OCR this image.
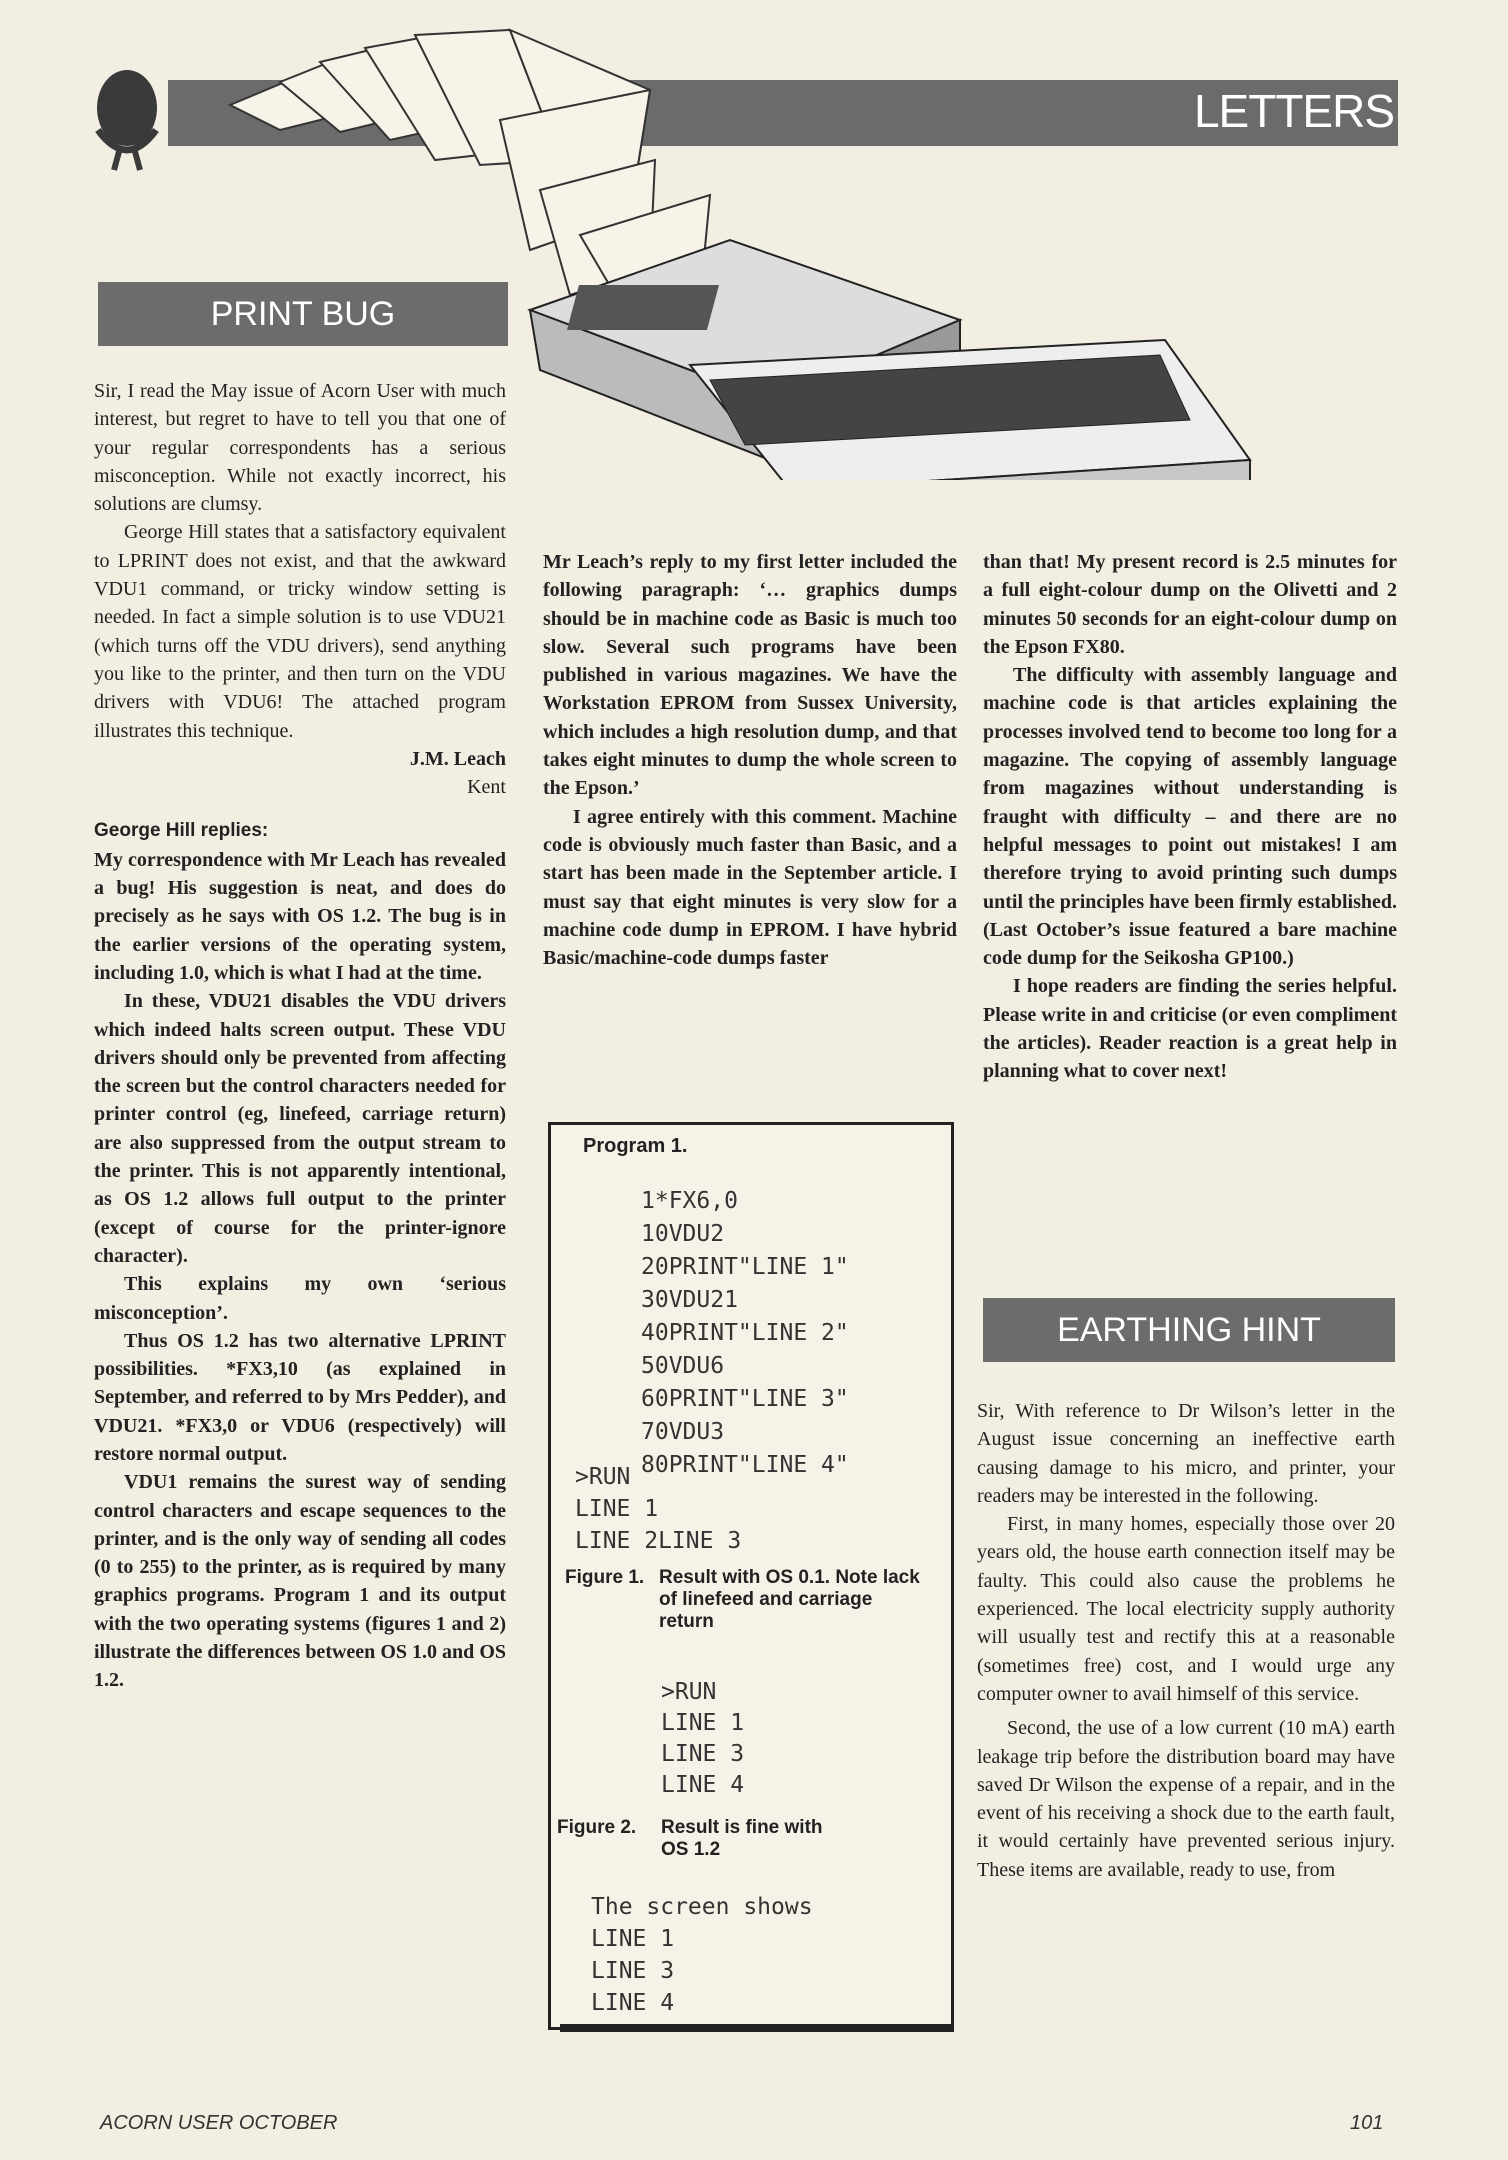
LETTERS
PRINT BUG

Sir, I read the May issue of Acorn User with much interest, but regret to have to tell you that one of your regular correspondents has a serious misconception. While not exactly incorrect, his solutions are clumsy.

George Hill states that a satisfactory equivalent to LPRINT does not exist, and that the awkward VDU1 command, or tricky window setting is needed. In fact a simple solution is to use VDU21 (which turns off the VDU drivers), send anything you like to the printer, and then turn on the VDU drivers with VDU6! The attached program illustrates this technique.

J.M. Leach

Kent

George Hill replies:

My correspondence with Mr Leach has revealed a bug! His suggestion is neat, and does do precisely as he says with OS 1.2. The bug is in the earlier versions of the operating system, including 1.0, which is what I had at the time.

In these, VDU21 disables the VDU drivers which indeed halts screen output. These VDU drivers should only be prevented from affecting the screen but the control characters needed for printer control (eg, linefeed, carriage return) are also suppressed from the output stream to the printer. This is not apparently intentional, as OS 1.2 allows full output to the printer (except of course for the printer-ignore character).

This explains my own ‘serious misconception’.

Thus OS 1.2 has two alternative LPRINT possibilities. *FX3,10 (as explained in September, and referred to by Mrs Pedder), and VDU21. *FX3,0 or VDU6 (respectively) will restore normal output.

VDU1 remains the surest way of sending control characters and escape sequences to the printer, and is the only way of sending all codes (0 to 255) to the printer, as is required by many graphics programs. Program 1 and its output with the two operating systems (figures 1 and 2) illustrate the differences between OS 1.0 and OS 1.2.

Mr Leach’s reply to my first letter included the following paragraph: ‘… graphics dumps should be in machine code as Basic is much too slow. Several such programs have been published in various magazines. We have the Workstation EPROM from Sussex University, which includes a high resolution dump, and that takes eight minutes to dump the whole screen to the Epson.’

I agree entirely with this comment. Machine code is obviously much faster than Basic, and a start has been made in the September article. I must say that eight minutes is very slow for a machine code dump in EPROM. I have hybrid Basic/machine-code dumps faster

Program 1.
1*FX6,0
10VDU2
20PRINT"LINE 1"
30VDU21
40PRINT"LINE 2"
50VDU6
60PRINT"LINE 3"
70VDU3
80PRINT"LINE 4"
>RUN
LINE 1
LINE 2LINE 3
Figure 1. Result with OS 0.1. Note lack of linefeed and carriage return
>RUN
LINE 1
LINE 3
LINE 4
Figure 2. Result is fine with OS 1.2
The screen shows
LINE 1
LINE 3
LINE 4

than that! My present record is 2.5 minutes for a full eight-colour dump on the Olivetti and 2 minutes 50 seconds for an eight-colour dump on the Epson FX80.

The difficulty with assembly language and machine code is that articles explaining the processes involved tend to become too long for a magazine. The copying of assembly language from magazines without understanding is fraught with difficulty – and there are no helpful messages to point out mistakes! I am therefore trying to avoid printing such dumps until the principles have been firmly established. (Last October’s issue featured a bare machine code dump for the Seikosha GP100.)

I hope readers are finding the series helpful. Please write in and criticise (or even compliment the articles). Reader reaction is a great help in planning what to cover next!

EARTHING HINT

Sir, With reference to Dr Wilson’s letter in the August issue concerning an ineffective earth causing damage to his micro, and printer, your readers may be interested in the following.

First, in many homes, especially those over 20 years old, the house earth connection itself may be faulty. This could also cause the problems he experienced. The local electricity supply authority will usually test and rectify this at a reasonable (sometimes free) cost, and I would urge any computer owner to avail himself of this service.

Second, the use of a low current (10 mA) earth leakage trip before the distribution board may have saved Dr Wilson the expense of a repair, and in the event of his receiving a shock due to the earth fault, it would certainly have prevented serious injury. These items are available, ready to use, from

ACORN USER OCTOBER	101
